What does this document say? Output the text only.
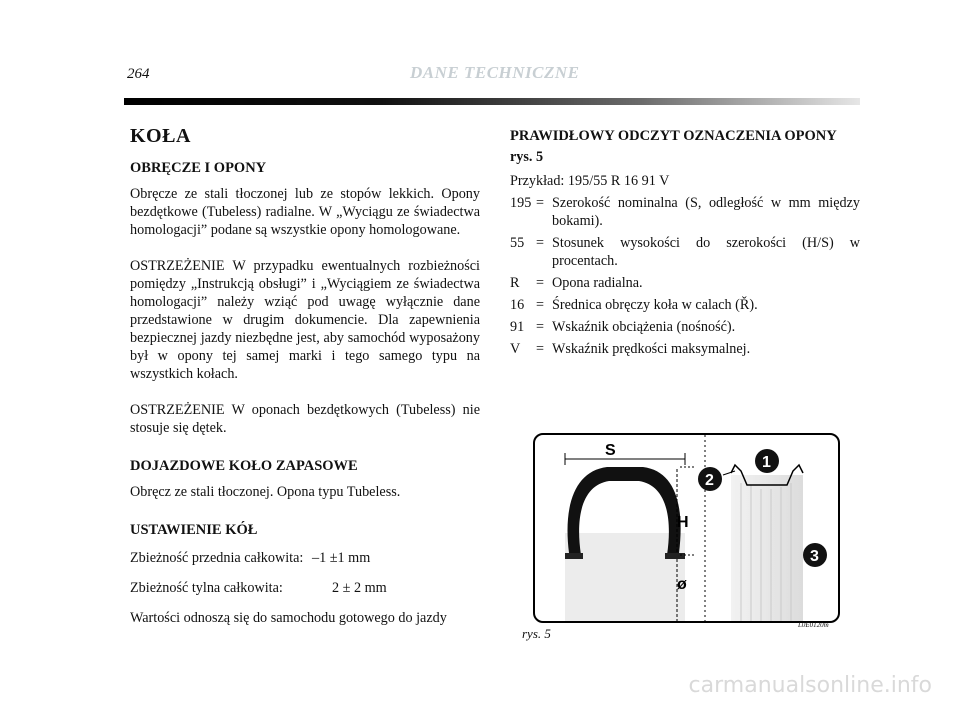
264	DANE TECHNICZNE
KOŁA
OBRĘCZE I OPONY

Obręcze ze stali tłoczonej lub ze stopów lekkich. Opony bezdętkowe (Tubeless) radialne. W „Wyciągu ze świadectwa homologacji” podane są wszystkie opony homologowane.

OSTRZEŻENIE W przypadku ewentualnych rozbieżności pomiędzy „Instrukcją obsługi” i „Wyciągiem ze świadectwa homologacji” należy wziąć pod uwagę wyłącznie dane przedstawione w drugim dokumencie. Dla zapewnienia bezpiecznej jazdy niezbędne jest, aby samochód wyposażony był w opony tej samej marki i tego samego typu na wszystkich kołach.

OSTRZEŻENIE W oponach bezdętkowych (Tubeless) nie stosuje się dętek.

DOJAZDOWE KOŁO ZAPASOWE

Obręcz ze stali tłoczonej. Opona typu Tubeless.

USTAWIENIE KÓŁ
Zbieżność przednia całkowita: –1 ±1 mm
Zbieżność tylna całkowita:	2 ± 2 mm
Wartości odnoszą się do samochodu gotowego do jazdy
PRAWIDŁOWY ODCZYT OZNACZENIA OPONY
rys. 5
Przykład: 195/55 R 16 91 V
195 = Szerokość nominalna (S, odległość w mm między bokami).
55 = Stosunek wysokości do szerokości (H/S) w procentach.
R	= Opona radialna.
16 = Średnica obręczy koła w calach (Ř).
91 = Wskaźnik obciążenia (nośność).
V	= Wskaźnik prędkości maksymalnej.
S
H
ø
1
2
3
rys. 5
L0E0120m
carmanualsonline.info
